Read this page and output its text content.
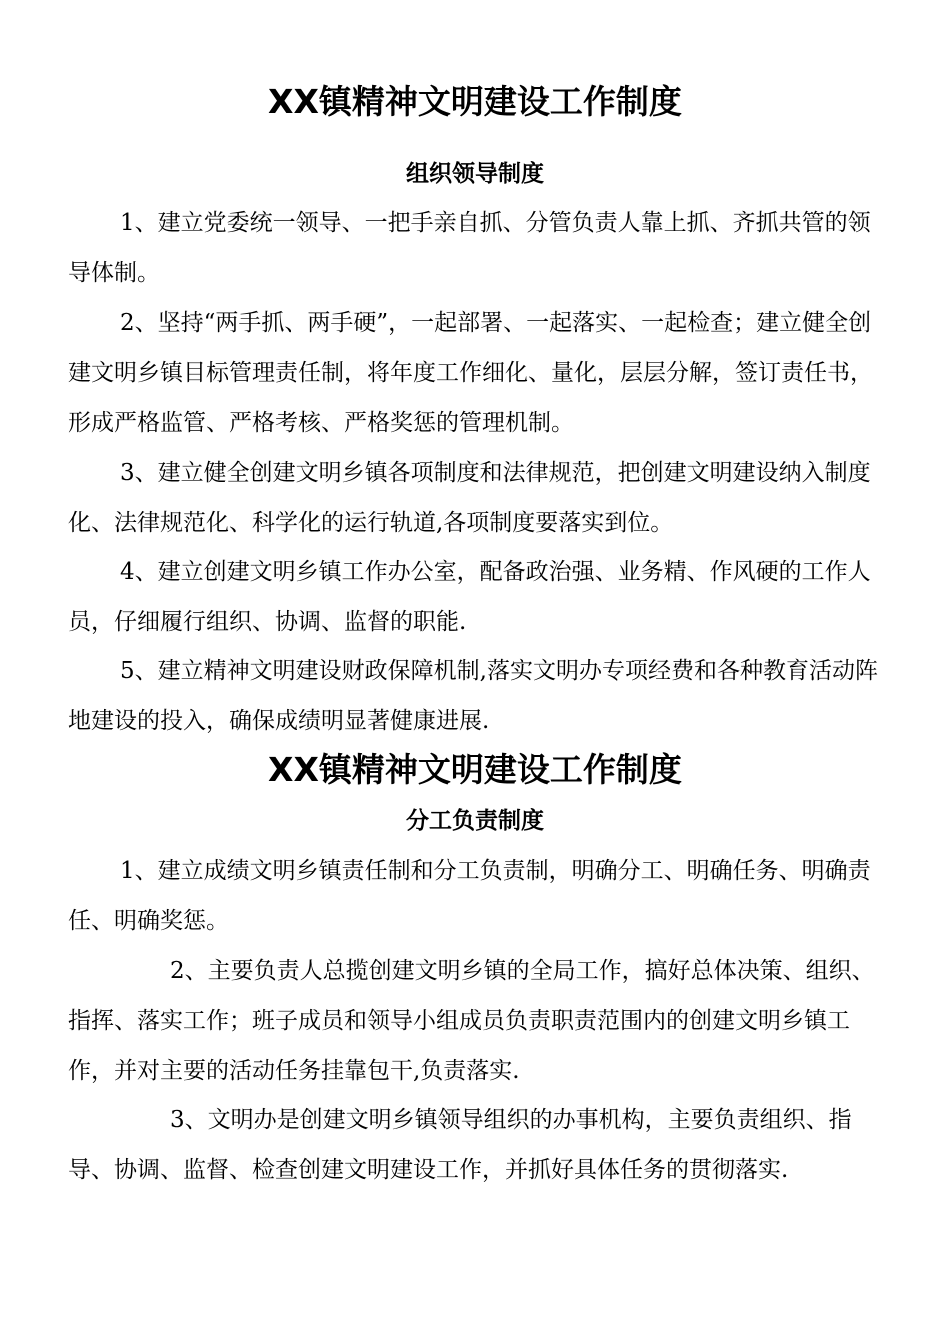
XX镇精神文明建设工作制度
组织领导制度

1、建立党委统一领导、一把手亲自抓、分管负责人靠上抓、齐抓共管的领导体制。

2、坚持“两手抓、两手硬”，一起部署、一起落实、一起检查；建立健全创建文明乡镇目标管理责任制，将年度工作细化、量化，层层分解，签订责任书，形成严格监管、严格考核、严格奖惩的管理机制。

3、建立健全创建文明乡镇各项制度和法律规范，把创建文明建设纳入制度化、法律规范化、科学化的运行轨道,各项制度要落实到位。

4、建立创建文明乡镇工作办公室，配备政治强、业务精、作风硬的工作人员，仔细履行组织、协调、监督的职能.

5、建立精神文明建设财政保障机制,落实文明办专项经费和各种教育活动阵地建设的投入，确保成绩明显著健康进展.

XX镇精神文明建设工作制度
分工负责制度

1、建立成绩文明乡镇责任制和分工负责制，明确分工、明确任务、明确责任、明确奖惩。

2、主要负责人总揽创建文明乡镇的全局工作，搞好总体决策、组织、指挥、落实工作；班子成员和领导小组成员负责职责范围内的创建文明乡镇工作，并对主要的活动任务挂靠包干,负责落实.

3、文明办是创建文明乡镇领导组织的办事机构，主要负责组织、指导、协调、监督、检查创建文明建设工作，并抓好具体任务的贯彻落实.
